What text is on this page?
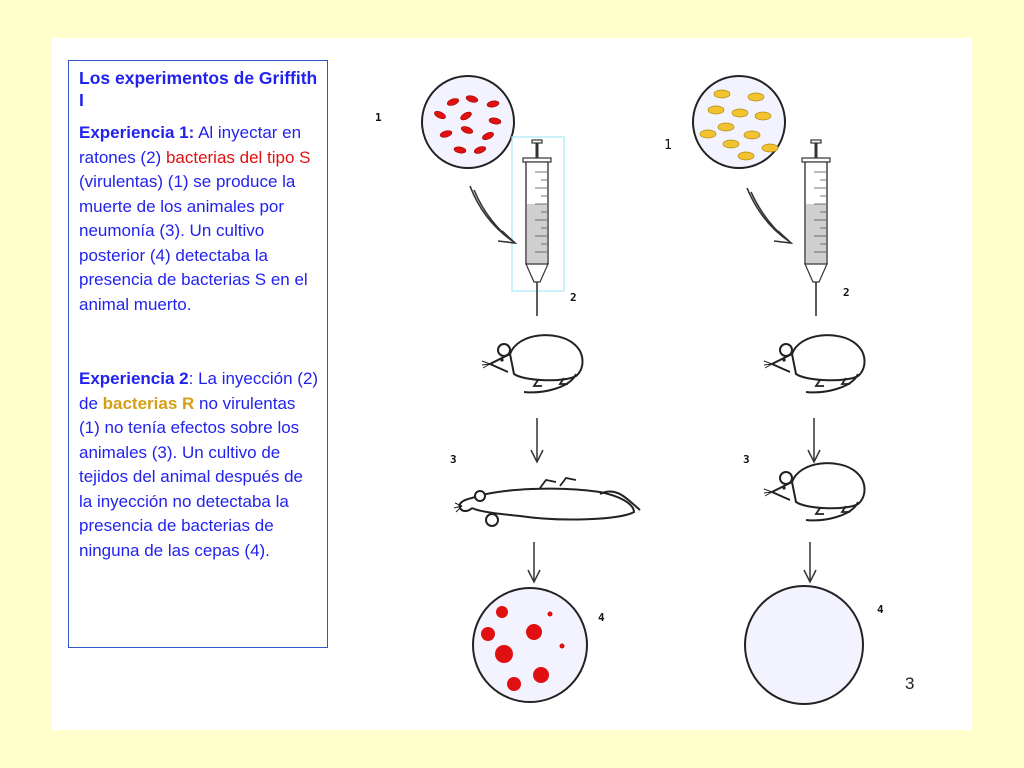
Los experimentos de Griffith I

Experiencia 1: Al inyectar en ratones (2) bacterias del tipo S (virulentas) (1) se produce la muerte de los animales por neumonía (3). Un cultivo posterior (4) detectaba la presencia de bacterias S en el animal muerto.

Experiencia 2: La inyección (2) de bacterias R no virulentas (1) no tenía efectos sobre los animales (3). Un cultivo de tejidos del animal después de la inyección no detectaba la presencia de bacterias de ninguna de las cepas (4).

1
2
3
4
1
2
3
4
3
